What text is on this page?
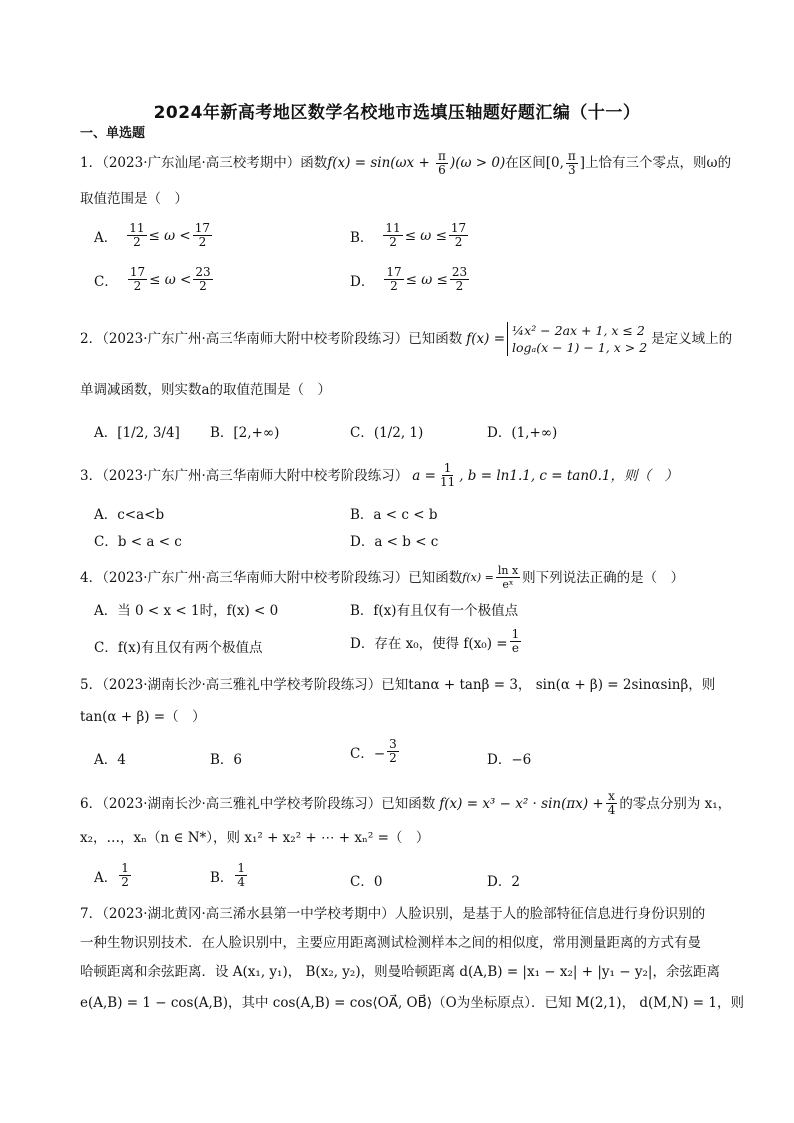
2024年新高考地区数学名校地市选填压轴题好题汇编（十一）
一、单选题
1．（2023·广东汕尾·高三校考期中）函数$f(x) = \sin(\omega x + \frac{\pi}{6} )(\omega > 0)$在区间[0, $\frac{\pi}{3}$ ]上恰有三个零点，则ω的
取值范围是（　）
A． $\frac{11}{2} \le \omega < \frac{17}{2}$	B． $\frac{11}{2} \le \omega \le \frac{17}{2}$
C． $\frac{17}{2} \le \omega < \frac{23}{2}$	D． $\frac{17}{2} \le \omega \le \frac{23}{2}$
2．（2023·广东广州·高三华南师大附中校考阶段练习）已知函数 f(x) =
¼x² − 2ax + 1, x ≤ 2
logₐ(x − 1) − 1, x > 2
是定义域上的
单调减函数，则实数a的取值范围是（　）
A．[1/2, 3/4] B．[2,+∞)	C．(1/2, 1)	D．(1,+∞)
3．（2023·广东广州·高三华南师大附中校考阶段练习） $a = \frac{1}{11}$ , b = ln1.1, c = tan0.1，则（　）
A．c<a<b	B．a < c < b
C．b < a < c	D．a < b < c
4．（2023·广东广州·高三华南师大附中校考阶段练习）已知函数 $f(x) = \frac{\text{ln x}}{\text{eˣ}}$ 则下列说法正确的是（　）
A．当 0 < x < 1时，f(x) < 0	B．f(x)有且仅有一个极值点
C．f(x)有且仅有两个极值点	D．存在 x₀，使得 $f(x_0) = \frac{1}{e}$
5．（2023·湖南长沙·高三雅礼中学校考阶段练习）已知tanα + tanβ = 3， sin(α + β) = 2sinαsinβ，则
tan(α + β) =（　）
A．4	B．6	C．− $\frac{3}{2}$	D．−6
6．（2023·湖南长沙·高三雅礼中学校考阶段练习）已知函数 $f(x) = x^3 - x^2 \cdot \sin(\pi x) + \frac{x}{4}$ 的零点分别为 x₁，
x₂，…，xₙ（n ∈ N*），则 x₁² + x₂² + ⋯ + xₙ² =（　）
A． $\frac{1}{2}$	B． $\frac{1}{4}$	C．0	D．2
7．（2023·湖北黄冈·高三浠水县第一中学校考期中）人脸识别，是基于人的脸部特征信息进行身份识别的
一种生物识别技术．在人脸识别中，主要应用距离测试检测样本之间的相似度，常用测量距离的方式有曼
哈顿距离和余弦距离．设 A(x₁, y₁)， B(x₂, y₂)，则曼哈顿距离 d(A,B) = |x₁ − x₂| + |y₁ − y₂|，余弦距离
e(A,B) = 1 − cos(A,B)，其中 cos(A,B) = cos⟨OA⃗, OB⃗⟩（O为坐标原点）．已知 M(2,1)， d(M,N) = 1，则
